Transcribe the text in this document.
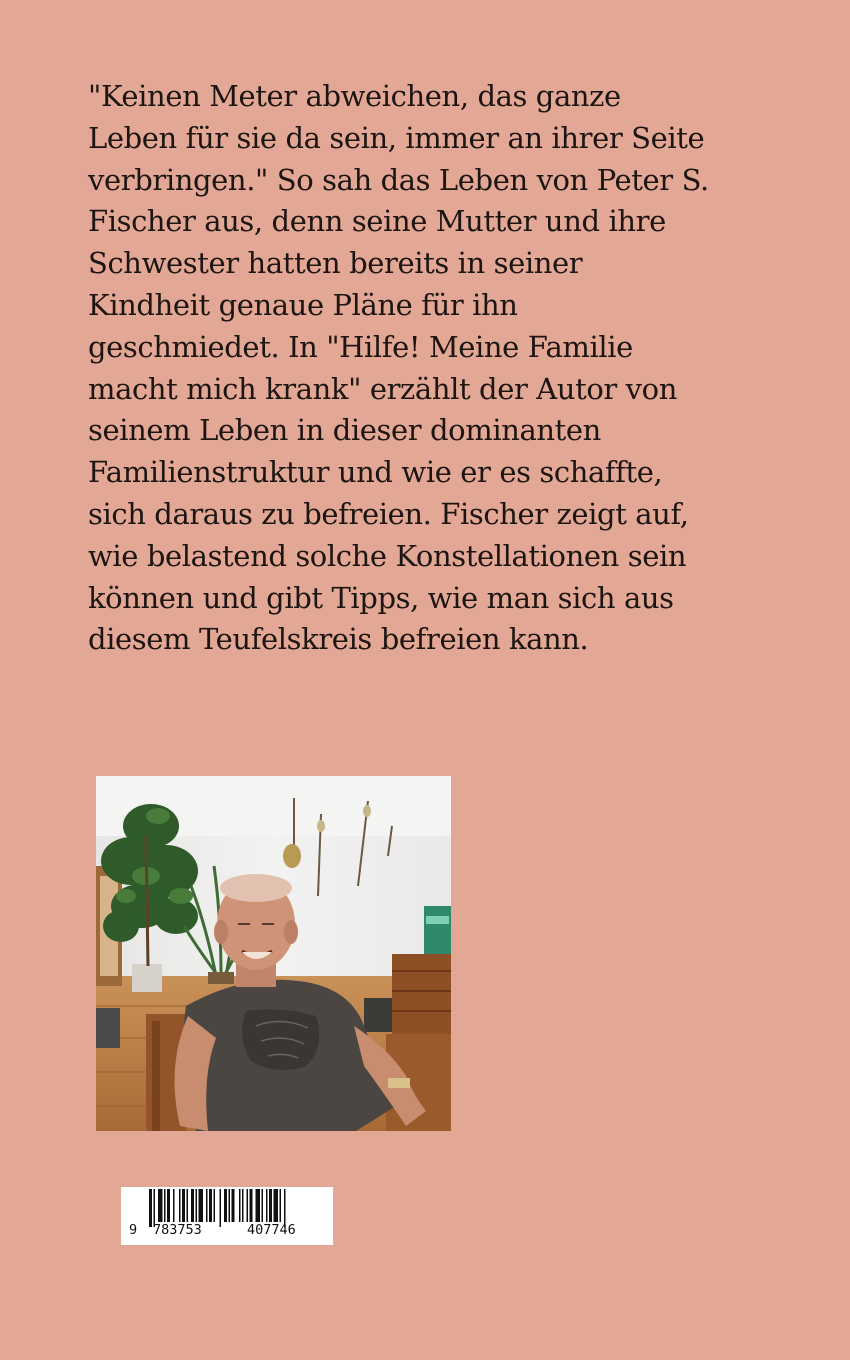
"Keinen Meter abweichen, das ganze
Leben für sie da sein, immer an ihrer Seite
verbringen." So sah das Leben von Peter S.
Fischer aus, denn seine Mutter und ihre
Schwester hatten bereits in seiner
Kindheit genaue Pläne für ihn
geschmiedet. In "Hilfe! Meine Familie
macht mich krank" erzählt der Autor von
seinem Leben in dieser dominanten
Familienstruktur und wie er es schaffte,
sich daraus zu befreien. Fischer zeigt auf,
wie belastend solche Konstellationen sein
können und gibt Tipps, wie man sich aus
diesem Teufelskreis befreien kann.

9 783753	407746
